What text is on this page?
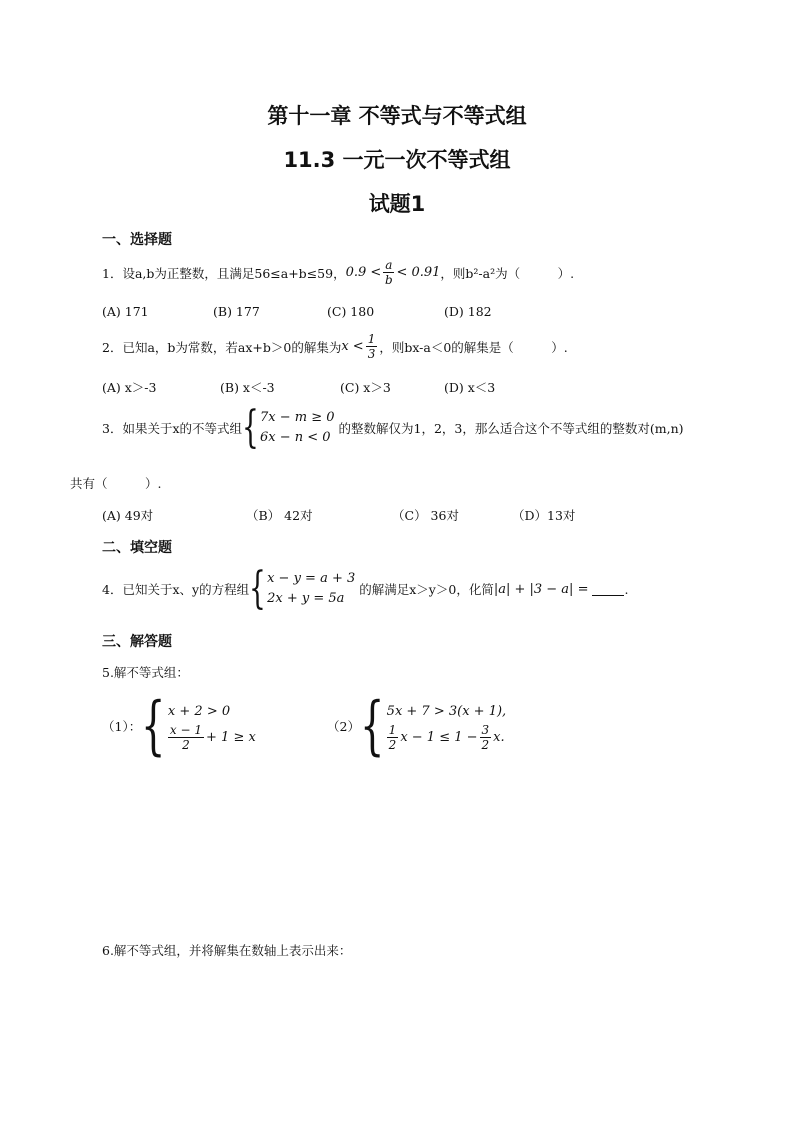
第十一章 不等式与不等式组
11.3 一元一次不等式组
试题1
一、选择题
1．设a,b为正整数，且满足56≤a+b≤59， $0.9 < \frac{a}{b} < 0.91$ ，则b²-a²为（　　　）.
(A) 171	(B) 177	(C) 180	(D) 182
2．已知a，b为常数，若ax+b＞0的解集为 $x < \frac{1}{3}$ ，则bx-a＜0的解集是（　　　）.
(A) x＞-3	(B) x＜-3	(C) x＞3	(D) x＜3
3．如果关于x的不等式组 { 7x − m ≥ 0
6x − n < 0
的整数解仅为1，2，3，那么适合这个不等式组的整数对(m,n)
共有（　　　）.
(A) 49对	（B） 42对	（C） 36对	（D）13对
二、填空题
4．已知关于x、y的方程组 { x − y = a + 3
2x + y = 5a
的解满足x＞y＞0，化简 |a| + |3 − a| =	.
三、解答题
5.解不等式组：
（1）： { x + 2 > 0
$\frac{x - 1}{2} + 1 \ge x$
（2） { 5x + 7 > 3(x + 1),
$\frac{1}{2}$ $x - 1 \le 1 - \frac{3}{2} x$.
6.解不等式组，并将解集在数轴上表示出来：
